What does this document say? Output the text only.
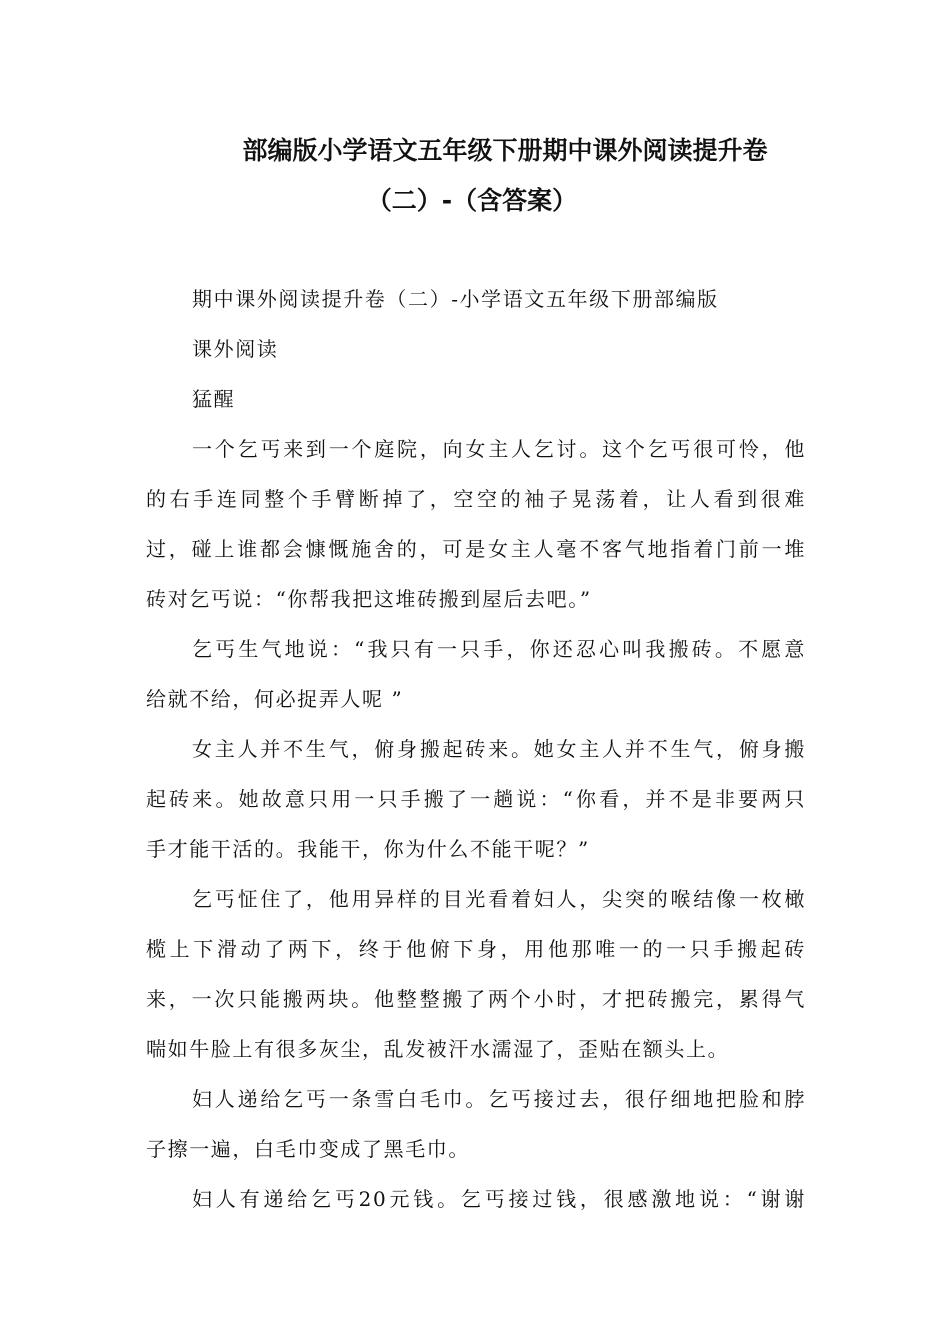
部编版小学语文五年级下册期中课外阅读提升卷
（二）-（含答案）
期中课外阅读提升卷（二）-小学语文五年级下册部编版
课外阅读
猛醒
一个乞丐来到一个庭院，向女主人乞讨。这个乞丐很可怜，他
的右手连同整个手臂断掉了，空空的袖子晃荡着，让人看到很难
过，碰上谁都会慷慨施舍的，可是女主人毫不客气地指着门前一堆
砖对乞丐说：“你帮我把这堆砖搬到屋后去吧。”
乞丐生气地说：“我只有一只手，你还忍心叫我搬砖。不愿意
给就不给，何必捉弄人呢 ”
女主人并不生气，俯身搬起砖来。她女主人并不生气，俯身搬
起砖来。她故意只用一只手搬了一趟说：“你看，并不是非要两只
手才能干活的。我能干，你为什么不能干呢？”
乞丐怔住了，他用异样的目光看着妇人，尖突的喉结像一枚橄
榄上下滑动了两下，终于他俯下身，用他那唯一的一只手搬起砖
来，一次只能搬两块。他整整搬了两个小时，才把砖搬完，累得气
喘如牛脸上有很多灰尘，乱发被汗水濡湿了，歪贴在额头上。
妇人递给乞丐一条雪白毛巾。乞丐接过去，很仔细地把脸和脖
子擦一遍，白毛巾变成了黑毛巾。
妇人有递给乞丐20元钱。乞丐接过钱，很感激地说：“谢谢
